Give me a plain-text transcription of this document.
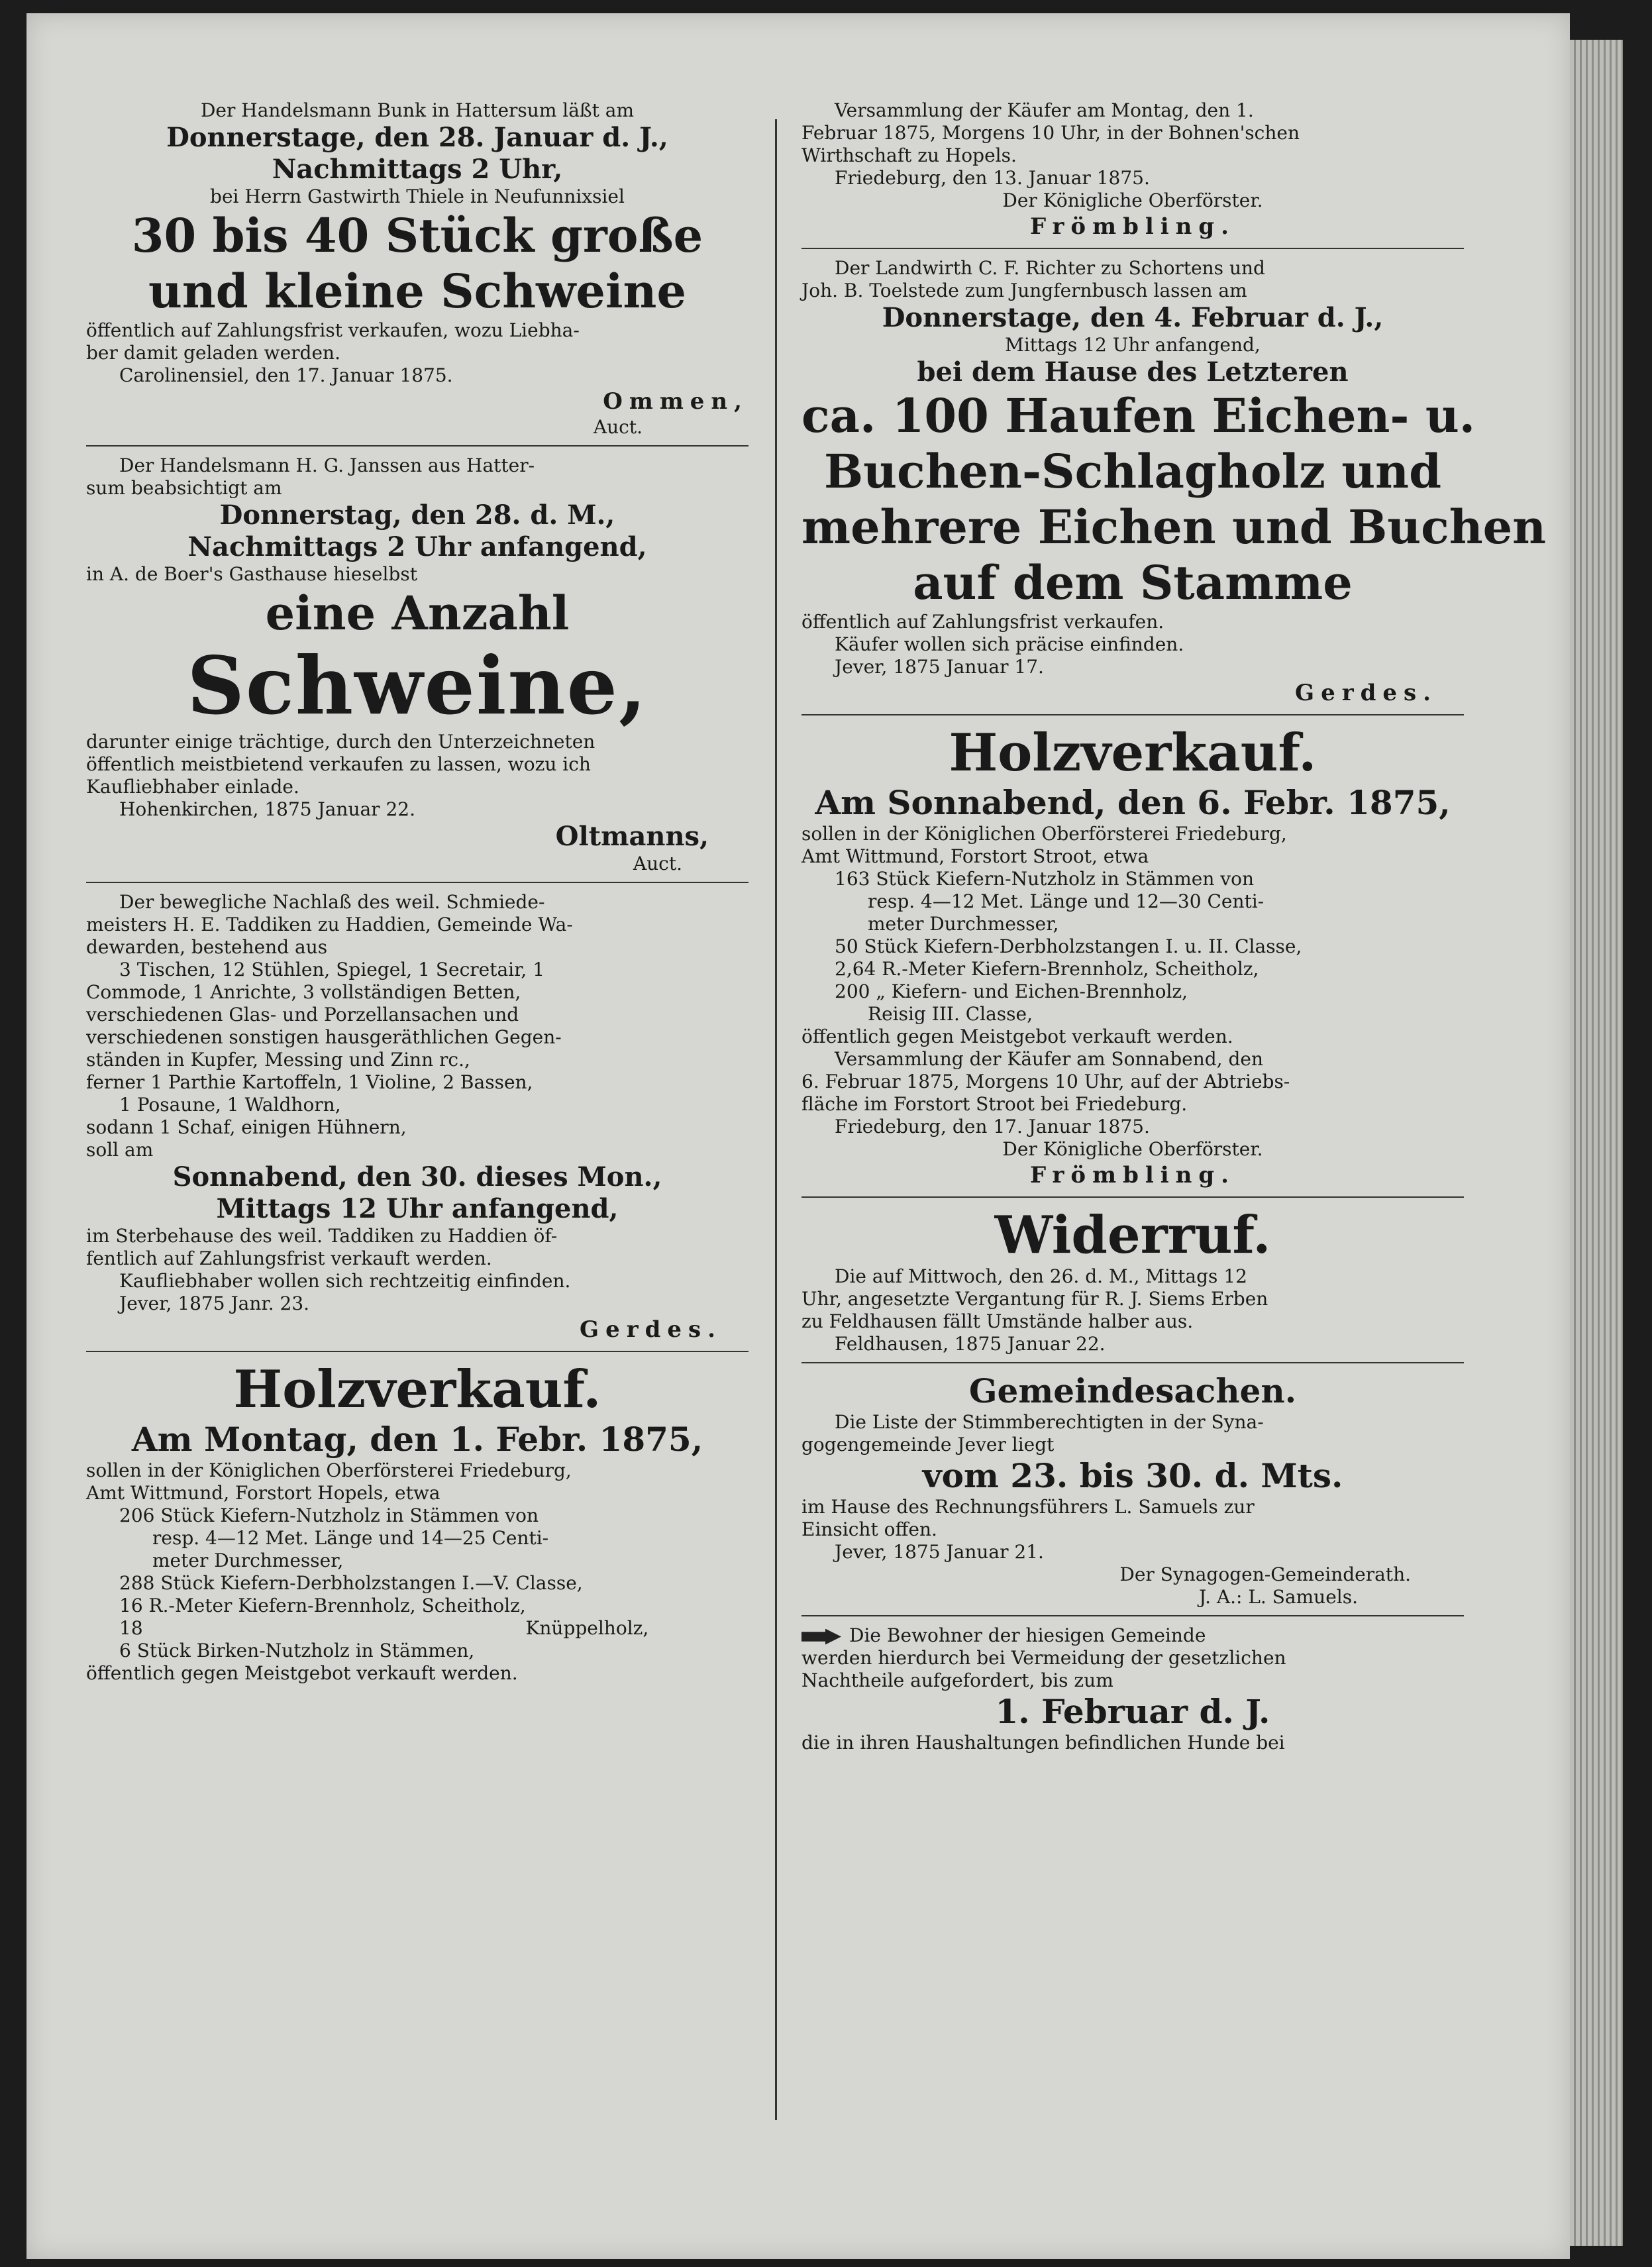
Der Handelsmann Bunk in Hattersum läßt am
Donnerstage, den 28. Januar d. J.,
Nachmittags 2 Uhr,
bei Herrn Gastwirth Thiele in Neufunnixsiel
30 bis 40 Stück große
und kleine Schweine
öffentlich auf Zahlungsfrist verkaufen, wozu Liebha-
ber damit geladen werden.
Carolinensiel, den 17. Januar 1875.
Ommen,
Auct.
Der Handelsmann H. G. Janssen aus Hatter-
sum beabsichtigt am
Donnerstag, den 28. d. M.,
Nachmittags 2 Uhr anfangend,
in A. de Boer's Gasthause hieselbst
eine Anzahl
Schweine,
darunter einige trächtige, durch den Unterzeichneten
öffentlich meistbietend verkaufen zu lassen, wozu ich
Kaufliebhaber einlade.
Hohenkirchen, 1875 Januar 22.
Oltmanns,
Auct.
Der bewegliche Nachlaß des weil. Schmiede-
meisters H. E. Taddiken zu Haddien, Gemeinde Wa-
dewarden, bestehend aus
3 Tischen, 12 Stühlen, Spiegel, 1 Secretair, 1
Commode, 1 Anrichte, 3 vollständigen Betten,
verschiedenen Glas- und Porzellansachen und
verschiedenen sonstigen hausgeräthlichen Gegen-
ständen in Kupfer, Messing und Zinn rc.,
ferner 1 Parthie Kartoffeln, 1 Violine, 2 Bassen,
1 Posaune, 1 Waldhorn,
sodann 1 Schaf, einigen Hühnern,
soll am
Sonnabend, den 30. dieses Mon.,
Mittags 12 Uhr anfangend,
im Sterbehause des weil. Taddiken zu Haddien öf-
fentlich auf Zahlungsfrist verkauft werden.
Kaufliebhaber wollen sich rechtzeitig einfinden.
Jever, 1875 Janr. 23.
Gerdes.
Holzverkauf.
Am Montag, den 1. Febr. 1875,
sollen in der Königlichen Oberförsterei Friedeburg,
Amt Wittmund, Forstort Hopels, etwa
206 Stück Kiefern-Nutzholz in Stämmen von
resp. 4—12 Met. Länge und 14—25 Centi-
meter Durchmesser,
288 Stück Kiefern-Derbholzstangen I.—V. Classe,
16 R.-Meter Kiefern-Brennholz, Scheitholz,
18	Knüppelholz,
6 Stück Birken-Nutzholz in Stämmen,
öffentlich gegen Meistgebot verkauft werden.
Versammlung der Käufer am Montag, den 1.
Februar 1875, Morgens 10 Uhr, in der Bohnen'schen
Wirthschaft zu Hopels.
Friedeburg, den 13. Januar 1875.
Der Königliche Oberförster.
Frömbling.
Der Landwirth C. F. Richter zu Schortens und
Joh. B. Toelstede zum Jungfernbusch lassen am
Donnerstage, den 4. Februar d. J.,
Mittags 12 Uhr anfangend,
bei dem Hause des Letzteren
ca. 100 Haufen Eichen- u.
Buchen-Schlagholz und
mehrere Eichen und Buchen
auf dem Stamme
öffentlich auf Zahlungsfrist verkaufen.
Käufer wollen sich präcise einfinden.
Jever, 1875 Januar 17.
Gerdes.
Holzverkauf.
Am Sonnabend, den 6. Febr. 1875,
sollen in der Königlichen Oberförsterei Friedeburg,
Amt Wittmund, Forstort Stroot, etwa
163 Stück Kiefern-Nutzholz in Stämmen von
resp. 4—12 Met. Länge und 12—30 Centi-
meter Durchmesser,
50 Stück Kiefern-Derbholzstangen I. u. II. Classe,
2,64 R.-Meter Kiefern-Brennholz, Scheitholz,
200 „ Kiefern- und Eichen-Brennholz,
Reisig III. Classe,
öffentlich gegen Meistgebot verkauft werden.
Versammlung der Käufer am Sonnabend, den
6. Februar 1875, Morgens 10 Uhr, auf der Abtriebs-
fläche im Forstort Stroot bei Friedeburg.
Friedeburg, den 17. Januar 1875.
Der Königliche Oberförster.
Frömbling.
Widerruf.
Die auf Mittwoch, den 26. d. M., Mittags 12
Uhr, angesetzte Vergantung für R. J. Siems Erben
zu Feldhausen fällt Umstände halber aus.
Feldhausen, 1875 Januar 22.
Gemeindesachen.
Die Liste der Stimmberechtigten in der Syna-
gogengemeinde Jever liegt
vom 23. bis 30. d. Mts.
im Hause des Rechnungsführers L. Samuels zur
Einsicht offen.
Jever, 1875 Januar 21.
Der Synagogen-Gemeinderath.
J. A.: L. Samuels.
Die Bewohner der hiesigen Gemeinde
werden hierdurch bei Vermeidung der gesetzlichen
Nachtheile aufgefordert, bis zum
1. Februar d. J.
die in ihren Haushaltungen befindlichen Hunde bei
